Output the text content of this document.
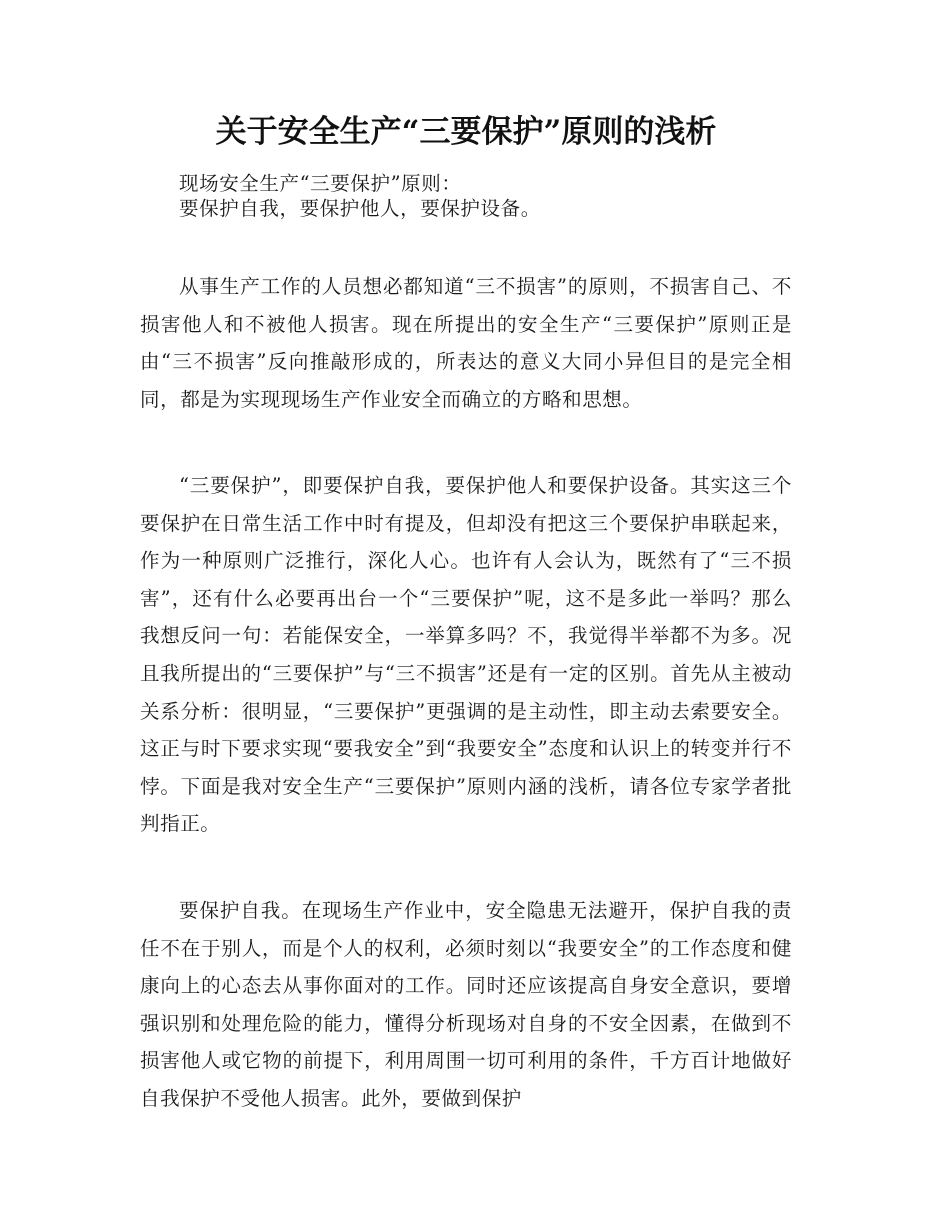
关于安全生产“三要保护”原则的浅析

现场安全生产“三要保护”原则：

要保护自我，要保护他人，要保护设备。

从事生产工作的人员想必都知道“三不损害”的原则，不损害自己、不损害他人和不被他人损害。现在所提出的安全生产“三要保护”原则正是由“三不损害”反向推敲形成的，所表达的意义大同小异但目的是完全相同，都是为实现现场生产作业安全而确立的方略和思想。

“三要保护”，即要保护自我，要保护他人和要保护设备。其实这三个要保护在日常生活工作中时有提及，但却没有把这三个要保护串联起来，作为一种原则广泛推行，深化人心。也许有人会认为，既然有了“三不损害”，还有什么必要再出台一个“三要保护”呢，这不是多此一举吗？那么我想反问一句：若能保安全，一举算多吗？不，我觉得半举都不为多。况且我所提出的“三要保护”与“三不损害”还是有一定的区别。首先从主被动关系分析：很明显，“三要保护”更强调的是主动性，即主动去索要安全。这正与时下要求实现“要我安全”到“我要安全”态度和认识上的转变并行不悖。下面是我对安全生产“三要保护”原则内涵的浅析，请各位专家学者批判指正。

要保护自我。在现场生产作业中，安全隐患无法避开，保护自我的责任不在于别人，而是个人的权利，必须时刻以“我要安全”的工作态度和健康向上的心态去从事你面对的工作。同时还应该提高自身安全意识，要增强识别和处理危险的能力，懂得分析现场对自身的不安全因素，在做到不损害他人或它物的前提下，利用周围一切可利用的条件，千方百计地做好自我保护不受他人损害。此外，要做到保护
